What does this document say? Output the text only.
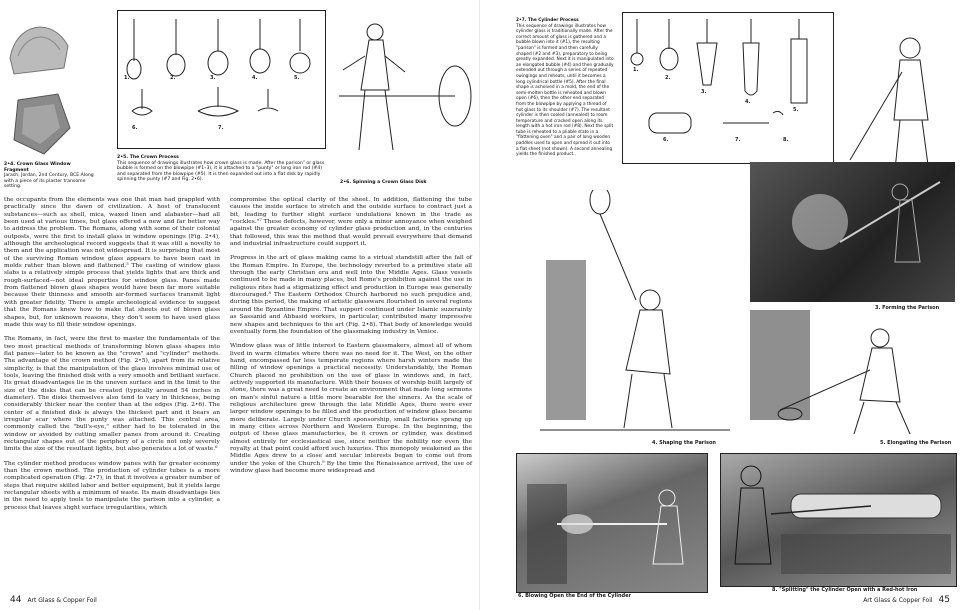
2•4. Crown Glass Window Fragment
Jarash, Jordan, 2nd Century, BCE Along with a piece of its plaster transome setting.
1.	2.	3.	4.	5.
6.	7.
2•5. The Crown Process
This sequence of drawings illustrates how crown glass is made. After the parison" or glass bubble is formed on the blowpipe (#1–3), it is attached to a "punty" or long iron rod (#4) and separated from the blowpipe (#5). It is then expanded out into a flat disk by rapidly spinning the punty (#7 and Fig. 2•6).
2•6. Spinning a Crown Glass Disk

the occupants from the elements was one that man had grappled with practically since the dawn of civilization. A host of translucent substances—such as shell, mica, waxed linen and alabaster—had all been used at various times, but glass offered a new and far better way to address the problem. The Romans, along with some of their colonial outposts, were the first to install glass in window openings (Fig. 2•4), although the archeological record suggests that it was still a novelty to them and the application was not widespread. It is surprising that most of the surviving Roman window glass appears to have been cast in molds rather than blown and flattened.⁵ The casting of window glass slabs is a relatively simple process that yields lights that are thick and rough-surfaced—not ideal properties for window glass. Panes made from flattened blown glass shapes would have been far more suitable because their thinness and smooth air-formed surfaces transmit light with greater fidelity. There is ample archeological evidence to suggest that the Romans knew how to make flat sheets out of blown glass shapes, but, for unknown reasons, they don't seem to have used glass made this way to fill their window openings.

The Romans, in fact, were the first to master the fundamentals of the two most practical methods of transforming blown glass shapes into flat panes—later to be known as the "crown" and "cylinder" methods. The advantage of the crown method (Fig. 2•5), apart from its relative simplicity, is that the manipulation of the glass involves minimal use of tools, leaving the finished disk with a very smooth and brilliant surface. Its great disadvantages lie in the uneven surface and in the limit to the size of the disks that can be created (typically around 54 inches in diameter). The disks themselves also tend to vary in thickness, being considerably thicker near the center than at the edges (Fig. 2•6). The center of a finished disk is always the thickest part and it bears an irregular scar where the punty was attached. This central area, commonly called the "bull's-eye," either had to be tolerated in the window or avoided by cutting smaller panes from around it. Creating rectangular shapes out of the periphery of a circle not only severely limits the size of the resultant lights, but also generates a lot of waste.⁶

The cylinder method produces window panes with far greater economy than the crown method. The production of cylinder tubes is a more complicated operation (Fig. 2•7), in that it involves a greater number of steps that require skilled labor and better equipment, but it yields large rectangular sheets with a minimum of waste. Its main disadvantage lies in the need to apply tools to manipulate the parison into a cylinder, a process that leaves slight surface irregularities, which

compromise the optical clarity of the sheet. In addition, flattening the tube causes the inside surface to stretch and the outside surface to contract just a bit, leading to further slight surface undulations known in the trade as "cockles."⁷ These defects, however, were only a minor annoyance when weighed against the greater economy of cylinder glass production and, in the centuries that followed, this was the method that would prevail everywhere that demand and industrial infrastructure could support it.

Progress in the art of glass making came to a virtual standstill after the fall of the Roman Empire. In Europe, the technology reverted to a primitive state all through the early Christian era and well into the Middle Ages. Glass vessels continued to be made in many places, but Rome's prohibition against the use in religious rites had a stigmatizing effect and production in Europe was generally discouraged.⁸ The Eastern Orthodox Church harbored no such prejudice and, during this period, the making of artistic glassware flourished in several regions around the Byzantine Empire. That support continued under Islamic suzerainty as Sassanid and Abbasid workers, in particular, contributed many impressive new shapes and techniques to the art (Fig. 2•8). That body of knowledge would eventually form the foundation of the glassmaking industry in Venice.

Window glass was of little interest to Eastern glassmakers, almost all of whom lived in warm climates where there was no need for it. The West, on the other hand, encompassed far less temperate regions where harsh winters made the filling of window openings a practical necessity. Understandably, the Roman Church placed no prohibition on the use of glass in windows and, in fact, actively supported its manufacture. With their houses of worship built largely of stone, there was a great need to create an environment that made long sermons on man's sinful nature a little more bearable for the sinners. As the scale of religious architecture grew through the late Middle Ages, there were ever larger window openings to be filled and the production of window glass became more deliberate. Largely under Church sponsorship, small factories sprang up in many cities across Northern and Western Europe. In the beginning, the output of these glass manufactories, be it crown or cylinder, was destined almost entirely for ecclesiastical use, since neither the nobility nor even the royalty at that point could afford such luxuries. This monopoly weakened as the Middle Ages drew to a close and secular interests began to come out from under the yoke of the Church.⁹ By the time the Renaissance arrived, the use of window glass had become more widespread and

44 Art Glass & Copper Foil
2•7. The Cylinder Process
This sequence of drawings illustrates how cylinder glass is traditionally made. After the correct amount of glass is gathered and a bubble blown into it (#1), the resulting "parison" is formed and then carefully shaped (#2 and #3), preparatory to being greatly expanded. Next it is manipulated into an elongated bubble (#4) and then gradually extended out through a series of repeated swingings and reheats, until it becomes a long cylindrical bottle (#5). After the final shape is acheived in a mold, the end of the semi-molten bottle is reheated and blown open (#6), then the other end separated from the blowpipe by applying a thread of hot glass to its shoulder (#7). The resultant cylinder is then cooled (annealed) to room temperature and cracked open along its length with a hot iron rod (#8). Next the split tube is reheated to a pliable state in a "flattening oven" and a pair of long wooden paddles used to open and spread it out into a flat sheet (not shown). A second annealing yields the finished product..
1.
2.
3.
4.
5.
6.	7.	8.
3. Forming the Parison
4. Shaping the Parison	5. Elongating the Parison
6. Blowing Open the End of the Cylinder
8. "Splitting" the Cylinder Open with a Red-hot Iron
Art Glass & Copper Foil 45
